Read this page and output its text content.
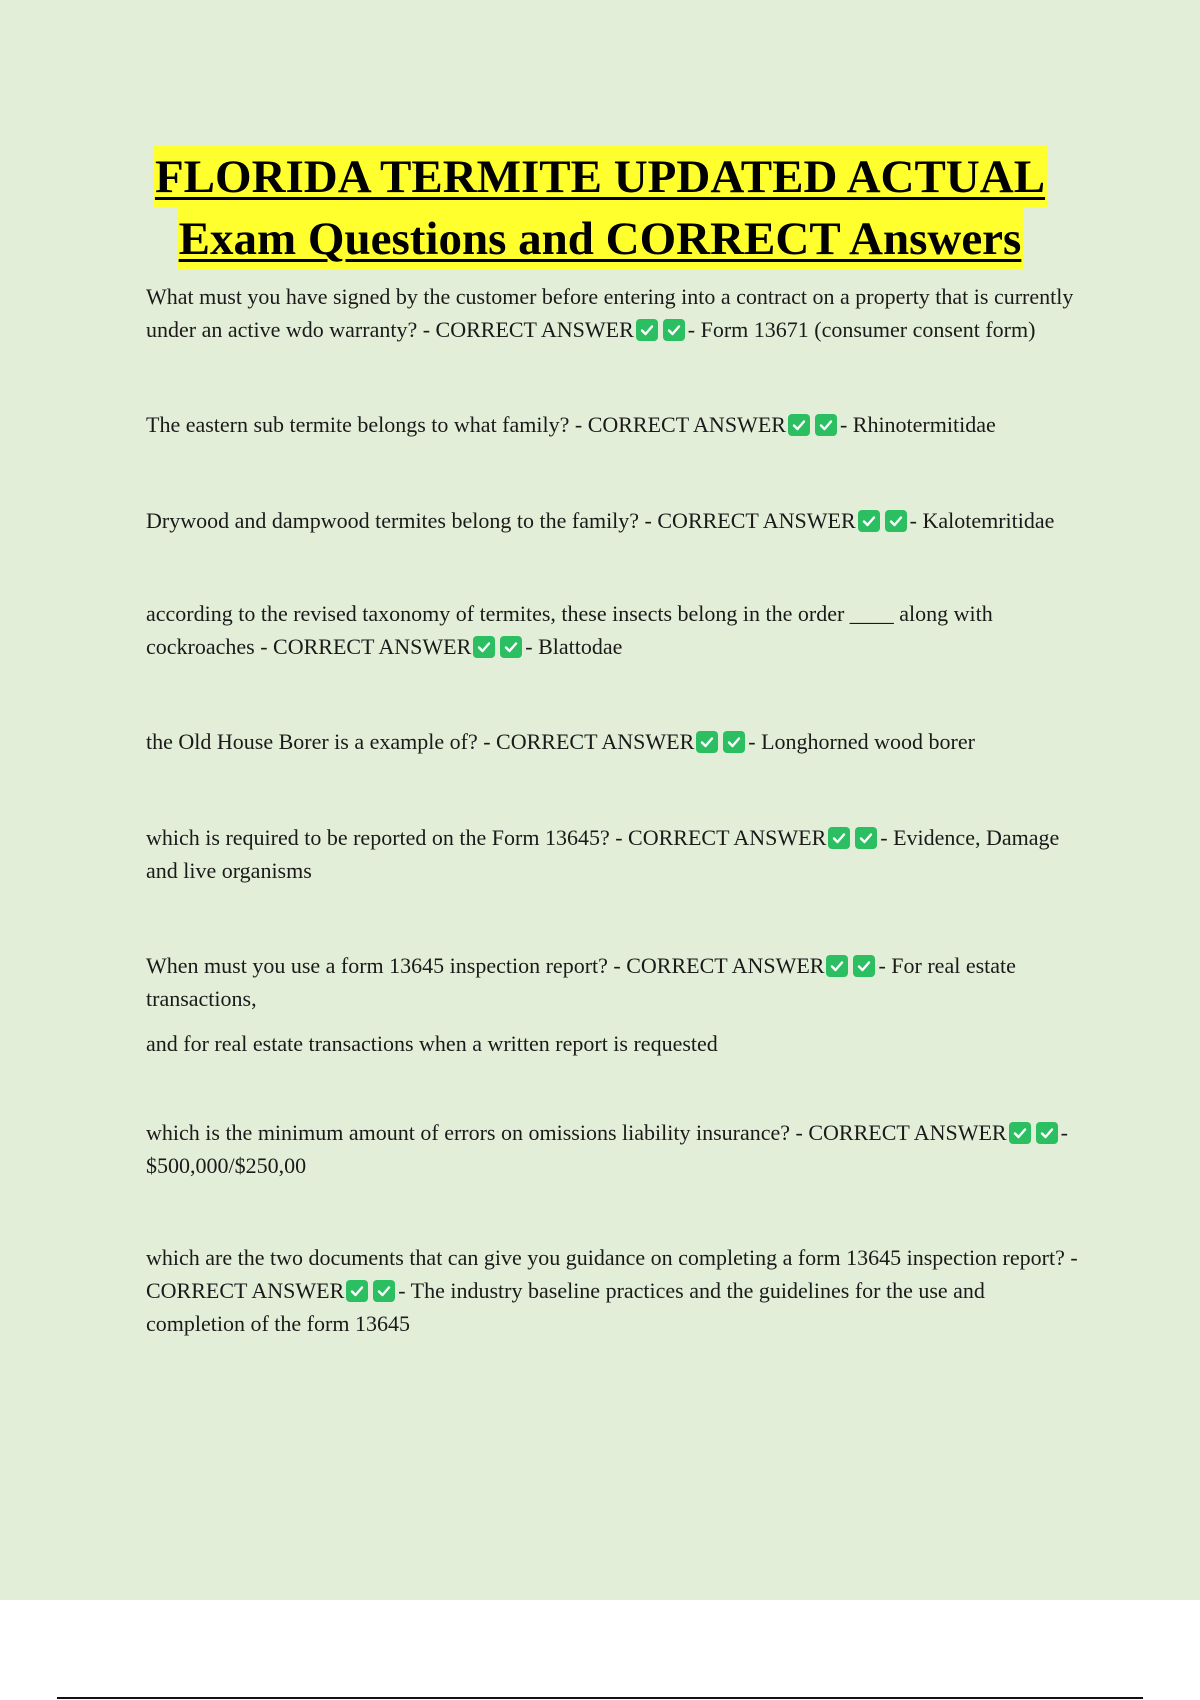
FLORIDA TERMITE UPDATED ACTUAL
Exam Questions and CORRECT Answers

What must you have signed by the customer before entering into a contract on a property that is currently under an active wdo warranty? - CORRECT ANSWER - Form 13671 (consumer consent form)

The eastern sub termite belongs to what family? - CORRECT ANSWER - Rhinotermitidae

Drywood and dampwood termites belong to the family? - CORRECT ANSWER - Kalotemritidae

according to the revised taxonomy of termites, these insects belong in the order ____ along with cockroaches - CORRECT ANSWER - Blattodae

the Old House Borer is a example of? - CORRECT ANSWER - Longhorned wood borer

which is required to be reported on the Form 13645? - CORRECT ANSWER - Evidence, Damage and live organisms

When must you use a form 13645 inspection report? - CORRECT ANSWER - For real estate transactions,

and for real estate transactions when a written report is requested

which is the minimum amount of errors on omissions liability insurance? - CORRECT ANSWER - $500,000/$250,00

which are the two documents that can give you guidance on completing a form 13645 inspection report? - CORRECT ANSWER - The industry baseline practices and the guidelines for the use and completion of the form 13645
